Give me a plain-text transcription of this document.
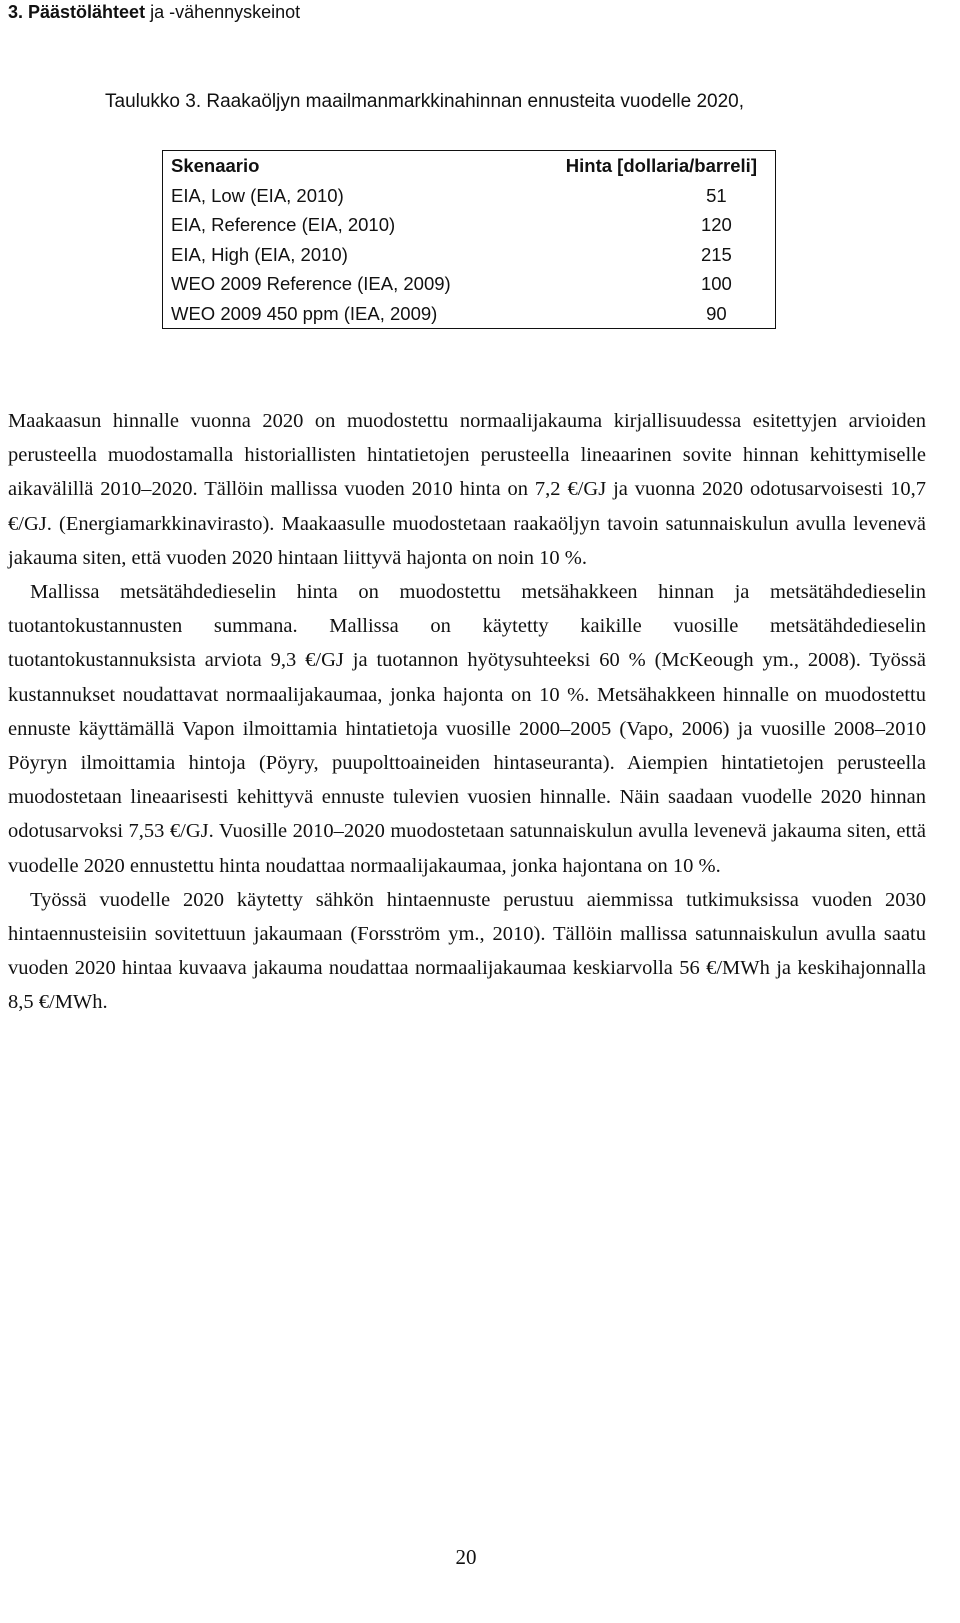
3. Päästölähteet ja -vähennyskeinot
Taulukko 3. Raakaöljyn maailmanmarkkinahinnan ennusteita vuodelle 2020,
Skenaario	Hinta [dollaria/barreli]
EIA, Low (EIA, 2010)	51
EIA, Reference (EIA, 2010)	120
EIA, High (EIA, 2010)	215
WEO 2009 Reference (IEA, 2009)	100
WEO 2009 450 ppm (IEA, 2009)	90

Maakaasun hinnalle vuonna 2020 on muodostettu normaalijakauma kirjallisuudessa esitettyjen arvioiden perusteella muodostamalla historiallisten hintatietojen perusteella lineaarinen sovite hinnan kehittymiselle aikavälillä 2010–2020. Tällöin mallissa vuoden 2010 hinta on 7,2 €/GJ ja vuonna 2020 odotusarvoisesti 10,7 €/GJ. (Energiamarkkinavirasto). Maakaasulle muodostetaan raakaöljyn tavoin satunnaiskulun avulla levenevä jakauma siten, että vuoden 2020 hintaan liittyvä hajonta on noin 10 %.

Mallissa metsätähdedieselin hinta on muodostettu metsähakkeen hinnan ja metsätähdedieselin tuotantokustannusten summana. Mallissa on käytetty kaikille vuosille metsätähdedieselin tuotantokustannuksista arviota 9,3 €/GJ ja tuotannon hyötysuhteeksi 60 % (McKeough ym., 2008). Työssä kustannukset noudattavat normaalijakaumaa, jonka hajonta on 10 %. Metsähakkeen hinnalle on muodostettu ennuste käyttämällä Vapon ilmoittamia hintatietoja vuosille 2000–2005 (Vapo, 2006) ja vuosille 2008–2010 Pöyryn ilmoittamia hintoja (Pöyry, puupolttoaineiden hintaseuranta). Aiempien hintatietojen perusteella muodostetaan lineaarisesti kehittyvä ennuste tulevien vuosien hinnalle. Näin saadaan vuodelle 2020 hinnan odotusarvoksi 7,53 €/GJ. Vuosille 2010–2020 muodostetaan satunnaiskulun avulla levenevä jakauma siten, että vuodelle 2020 ennustettu hinta noudattaa normaalijakaumaa, jonka hajontana on 10 %.

Työssä vuodelle 2020 käytetty sähkön hintaennuste perustuu aiemmissa tutkimuksissa vuoden 2030 hintaennusteisiin sovitettuun jakaumaan (Forsström ym., 2010). Tällöin mallissa satunnaiskulun avulla saatu vuoden 2020 hintaa kuvaava jakauma noudattaa normaalijakaumaa keskiarvolla 56 €/MWh ja keskihajonnalla 8,5 €/MWh.

20
